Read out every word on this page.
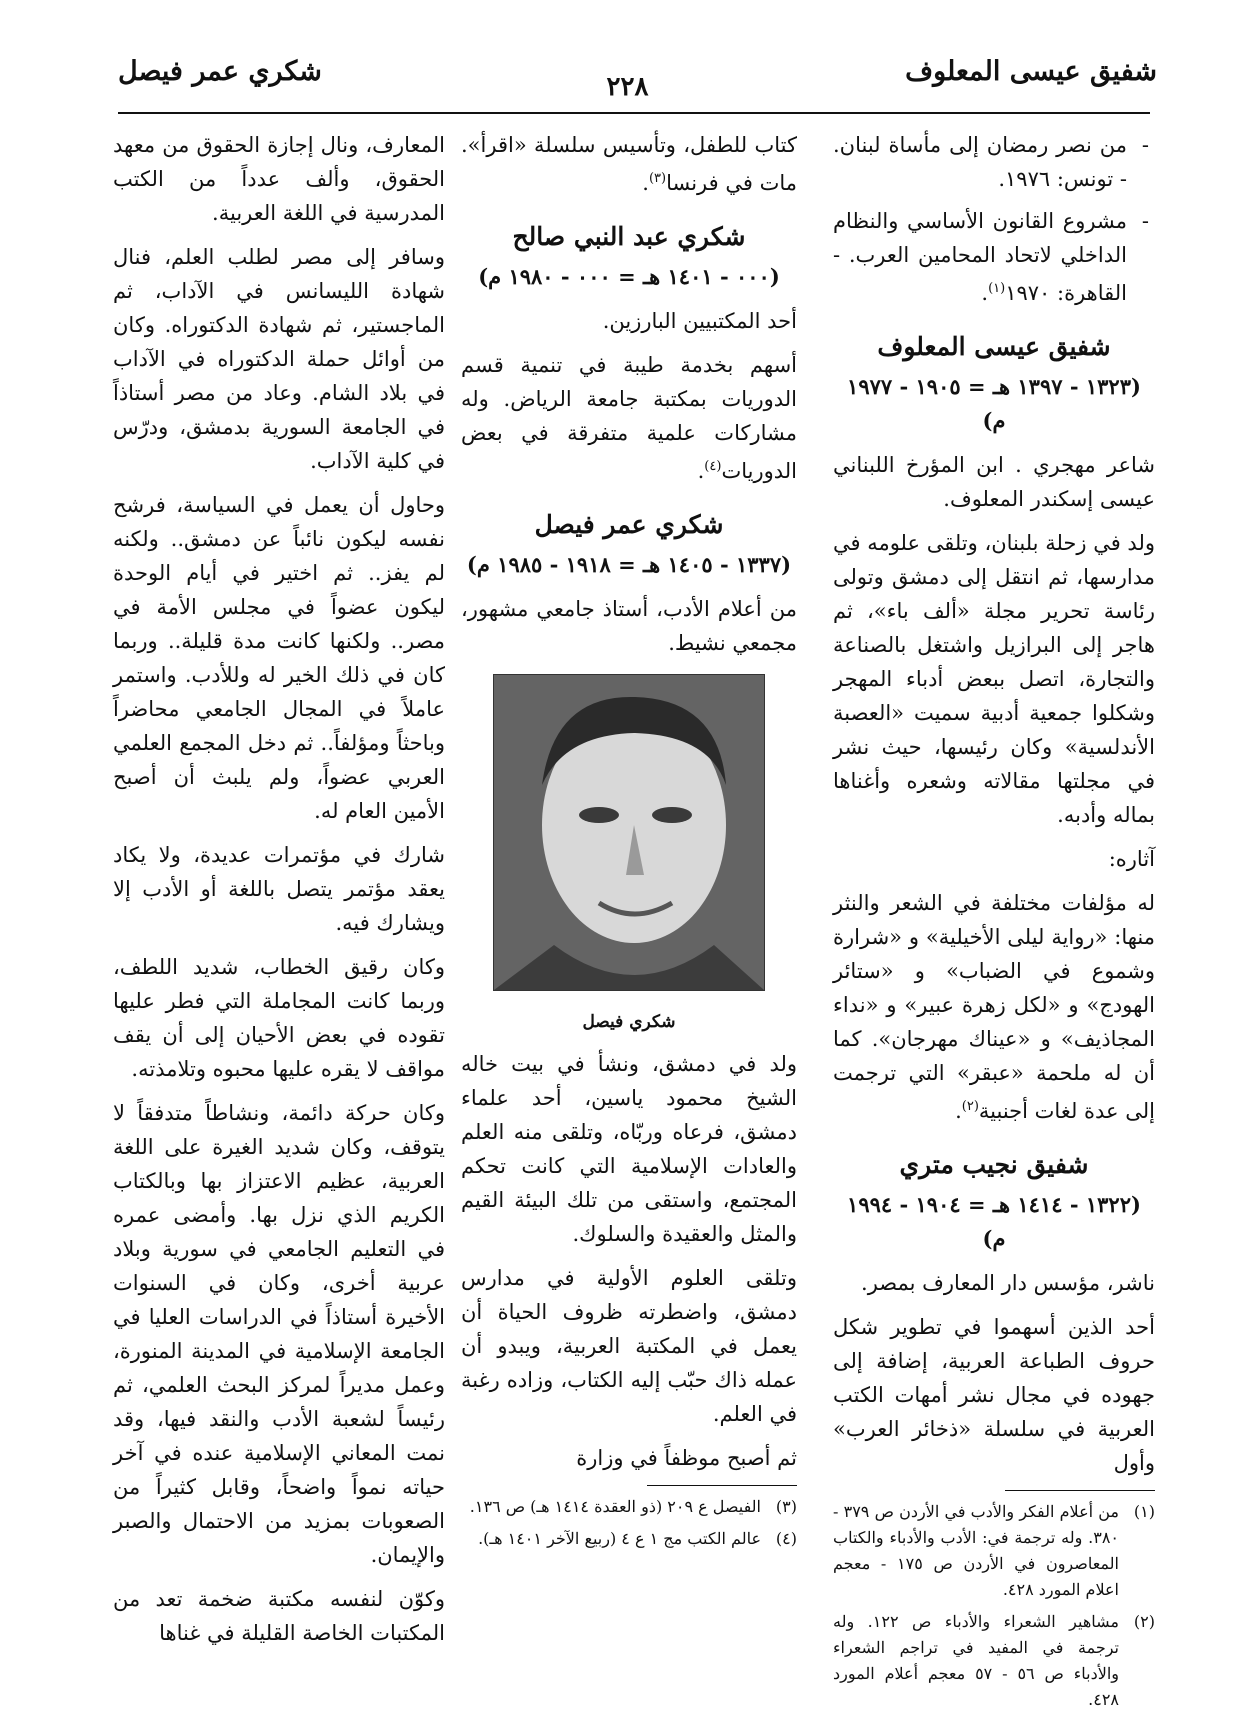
شفيق عيسى المعلوف
٢٢٨
شكري عمر فيصل

- من نصر رمضان إلى مأساة لبنان. - تونس: ١٩٧٦.

- مشروع القانون الأساسي والنظام الداخلي لاتحاد المحامين العرب. - القاهرة: ١٩٧٠$^{(١)}$.

شفيق عيسى المعلوف
(١٣٢٣ - ١٣٩٧ هـ = ١٩٠٥ - ١٩٧٧ م)

شاعر مهجري . ابن المؤرخ اللبناني عيسى إسكندر المعلوف.

ولد في زحلة بلبنان، وتلقى علومه في مدارسها، ثم انتقل إلى دمشق وتولى رئاسة تحرير مجلة «ألف باء»، ثم هاجر إلى البرازيل واشتغل بالصناعة والتجارة، اتصل ببعض أدباء المهجر وشكلوا جمعية أدبية سميت «العصبة الأندلسية» وكان رئيسها، حيث نشر في مجلتها مقالاته وشعره وأغناها بماله وأدبه.

آثاره:

له مؤلفات مختلفة في الشعر والنثر منها: «رواية ليلى الأخيلية» و «شرارة وشموع في الضباب» و «ستائر الهودج» و «لكل زهرة عبير» و «نداء المجاذيف» و «عيناك مهرجان». كما أن له ملحمة «عبقر» التي ترجمت إلى عدة لغات أجنبية$^{(٢)}$.

شفيق نجيب متري
(١٣٢٢ - ١٤١٤ هـ = ١٩٠٤ - ١٩٩٤ م)

ناشر، مؤسس دار المعارف بمصر.

أحد الذين أسهموا في تطوير شكل حروف الطباعة العربية، إضافة إلى جهوده في مجال نشر أمهات الكتب العربية في سلسلة «ذخائر العرب» وأول

(١)
من أعلام الفكر والأدب في الأردن ص ٣٧٩ - ٣٨٠. وله ترجمة في: الأدب والأدباء والكتاب المعاصرون في الأردن ص ١٧٥ - معجم اعلام المورد ٤٢٨.
(٢)
مشاهير الشعراء والأدباء ص ١٢٢. وله ترجمة في المفيد في تراجم الشعراء والأدباء ص ٥٦ - ٥٧ معجم أعلام المورد ٤٢٨.

كتاب للطفل، وتأسيس سلسلة «اقرأ». مات في فرنسا$^{(٣)}$.

شكري عبد النبي صالح
(٠٠٠ - ١٤٠١ هـ = ٠٠٠ - ١٩٨٠ م)

أحد المكتبيين البارزين.

أسهم بخدمة طيبة في تنمية قسم الدوريات بمكتبة جامعة الرياض. وله مشاركات علمية متفرقة في بعض الدوريات$^{(٤)}$.

شكري عمر فيصل
(١٣٣٧ - ١٤٠٥ هـ = ١٩١٨ - ١٩٨٥ م)

من أعلام الأدب، أستاذ جامعي مشهور، مجمعي نشيط.

شكري فيصل

ولد في دمشق، ونشأ في بيت خاله الشيخ محمود ياسين، أحد علماء دمشق، فرعاه وربّاه، وتلقى منه العلم والعادات الإسلامية التي كانت تحكم المجتمع، واستقى من تلك البيئة القيم والمثل والعقيدة والسلوك.

وتلقى العلوم الأولية في مدارس دمشق، واضطرته ظروف الحياة أن يعمل في المكتبة العربية، ويبدو أن عمله ذاك حبّب إليه الكتاب، وزاده رغبة في العلم.

ثم أصبح موظفاً في وزارة

(٣)
الفيصل ع ٢٠٩ (ذو العقدة ١٤١٤ هـ) ص ١٣٦.
(٤)
عالم الكتب مج ١ ع ٤ (ربيع الآخر ١٤٠١ هـ).

المعارف، ونال إجازة الحقوق من معهد الحقوق، وألف عدداً من الكتب المدرسية في اللغة العربية.

وسافر إلى مصر لطلب العلم، فنال شهادة الليسانس في الآداب، ثم الماجستير، ثم شهادة الدكتوراه. وكان من أوائل حملة الدكتوراه في الآداب في بلاد الشام. وعاد من مصر أستاذاً في الجامعة السورية بدمشق، ودرّس في كلية الآداب.

وحاول أن يعمل في السياسة، فرشح نفسه ليكون نائباً عن دمشق.. ولكنه لم يفز.. ثم اختير في أيام الوحدة ليكون عضواً في مجلس الأمة في مصر.. ولكنها كانت مدة قليلة.. وربما كان في ذلك الخير له وللأدب. واستمر عاملاً في المجال الجامعي محاضراً وباحثاً ومؤلفاً.. ثم دخل المجمع العلمي العربي عضواً، ولم يلبث أن أصبح الأمين العام له.

شارك في مؤتمرات عديدة، ولا يكاد يعقد مؤتمر يتصل باللغة أو الأدب إلا ويشارك فيه.

وكان رقيق الخطاب، شديد اللطف، وربما كانت المجاملة التي فطر عليها تقوده في بعض الأحيان إلى أن يقف مواقف لا يقره عليها محبوه وتلامذته.

وكان حركة دائمة، ونشاطاً متدفقاً لا يتوقف، وكان شديد الغيرة على اللغة العربية، عظيم الاعتزاز بها وبالكتاب الكريم الذي نزل بها. وأمضى عمره في التعليم الجامعي في سورية وبلاد عربية أخرى، وكان في السنوات الأخيرة أستاذاً في الدراسات العليا في الجامعة الإسلامية في المدينة المنورة، وعمل مديراً لمركز البحث العلمي، ثم رئيساً لشعبة الأدب والنقد فيها، وقد نمت المعاني الإسلامية عنده في آخر حياته نمواً واضحاً، وقابل كثيراً من الصعوبات بمزيد من الاحتمال والصبر والإيمان.

وكوّن لنفسه مكتبة ضخمة تعد من المكتبات الخاصة القليلة في غناها
